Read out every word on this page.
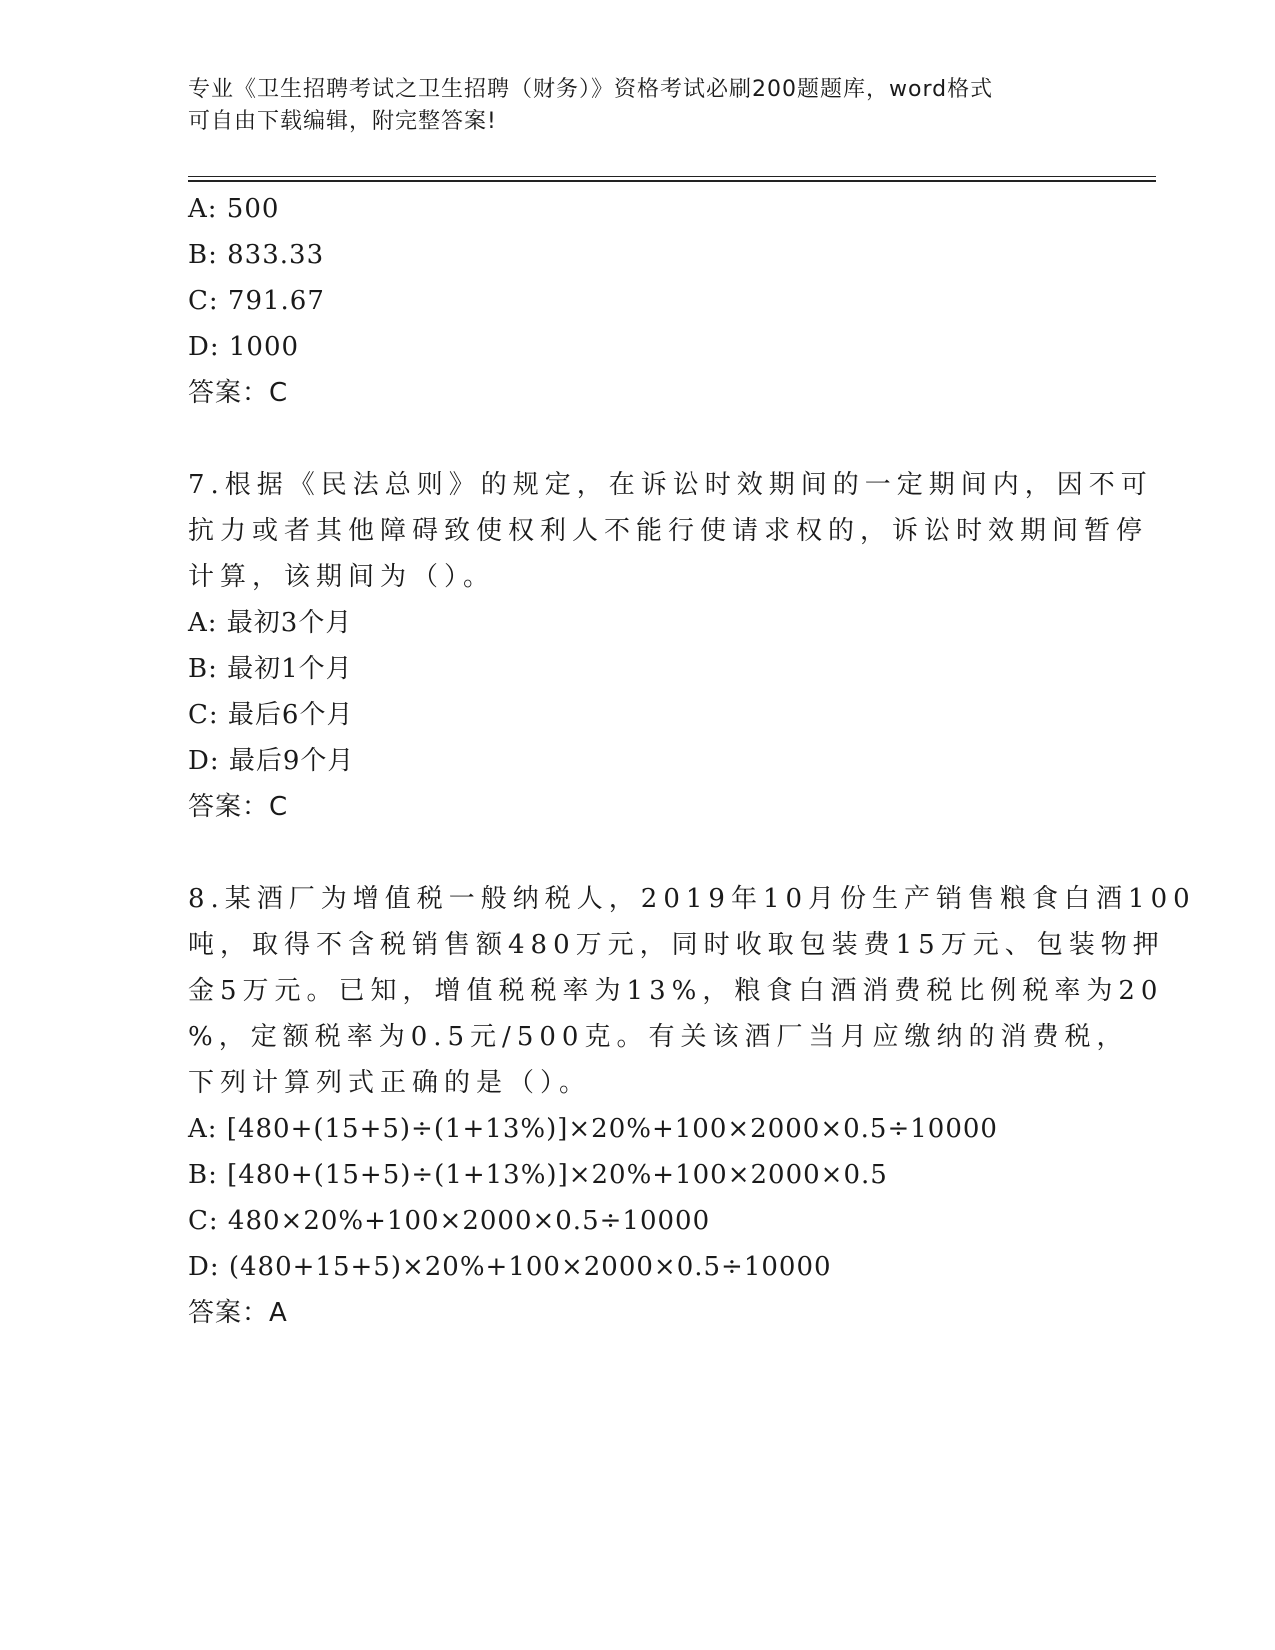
专业《卫生招聘考试之卫生招聘（财务）》资格考试必刷200题题库，word格式
可自由下载编辑，附完整答案!
A: 500
B: 833.33
C: 791.67
D: 1000
答案：C
7.根据《民法总则》的规定，在诉讼时效期间的一定期间内，因不可
抗力或者其他障碍致使权利人不能行使请求权的，诉讼时效期间暂停
计算，该期间为（）。
A: 最初3个月
B: 最初1个月
C: 最后6个月
D: 最后9个月
答案：C
8.某酒厂为增值税一般纳税人，2019年10月份生产销售粮食白酒100
吨，取得不含税销售额480万元，同时收取包装费15万元、包装物押
金5万元。已知，增值税税率为13%，粮食白酒消费税比例税率为20
%，定额税率为0.5元/500克。有关该酒厂当月应缴纳的消费税，
下列计算列式正确的是（）。
A: [480+(15+5)÷(1+13%)]×20%+100×2000×0.5÷10000
B: [480+(15+5)÷(1+13%)]×20%+100×2000×0.5
C: 480×20%+100×2000×0.5÷10000
D: (480+15+5)×20%+100×2000×0.5÷10000
答案：A
